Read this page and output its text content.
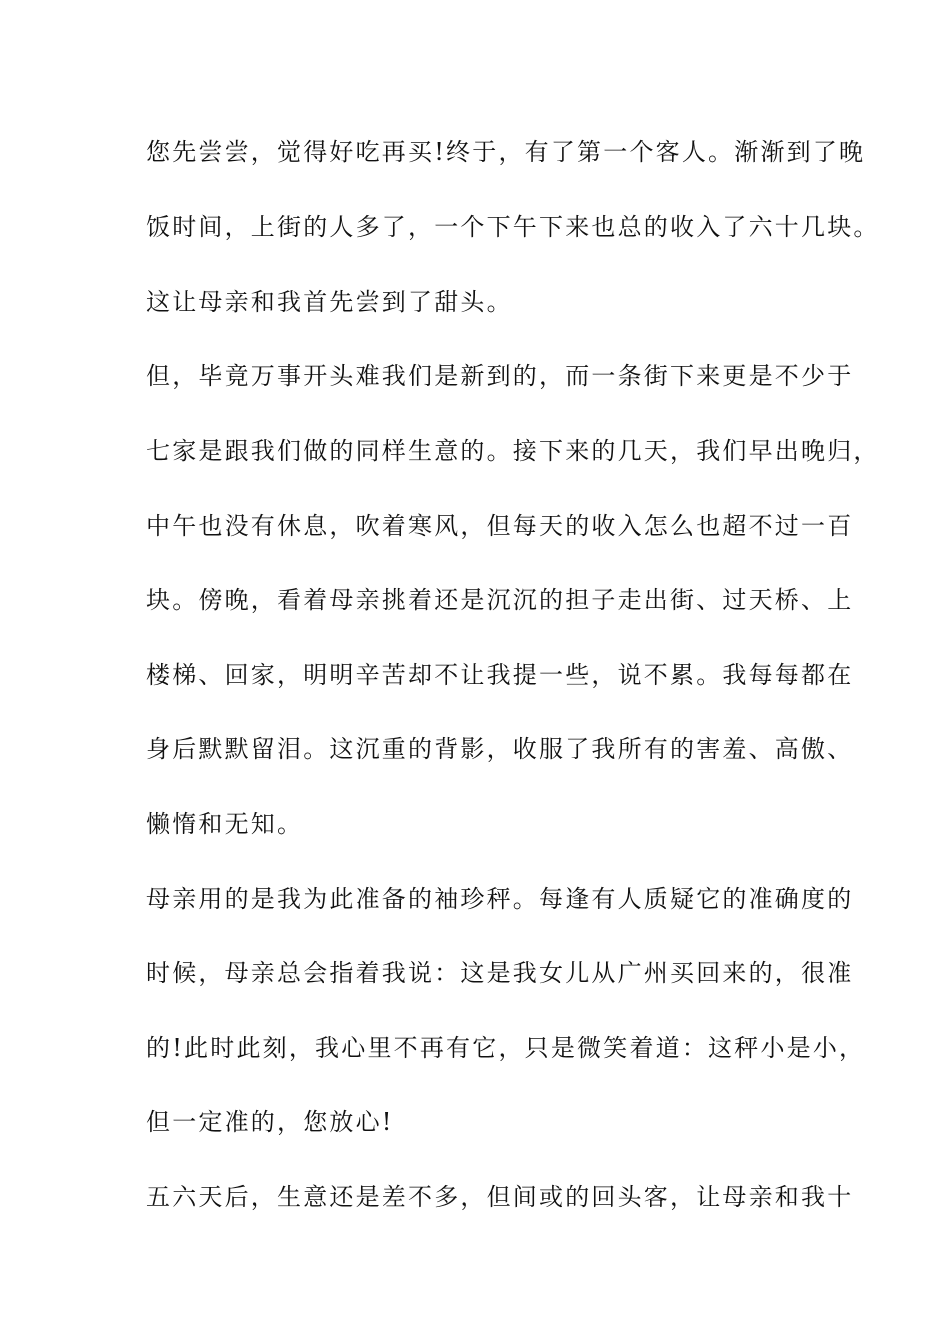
您先尝尝，觉得好吃再买!终于，有了第一个客人。渐渐到了晚

饭时间，上街的人多了，一个下午下来也总的收入了六十几块。

这让母亲和我首先尝到了甜头。

但，毕竟万事开头难我们是新到的，而一条街下来更是不少于

七家是跟我们做的同样生意的。接下来的几天，我们早出晚归，

中午也没有休息，吹着寒风，但每天的收入怎么也超不过一百

块。傍晚，看着母亲挑着还是沉沉的担子走出街、过天桥、上

楼梯、回家，明明辛苦却不让我提一些，说不累。我每每都在

身后默默留泪。这沉重的背影，收服了我所有的害羞、高傲、

懒惰和无知。

母亲用的是我为此准备的袖珍秤。每逢有人质疑它的准确度的

时候，母亲总会指着我说：这是我女儿从广州买回来的，很准

的!此时此刻，我心里不再有它，只是微笑着道：这秤小是小，

但一定准的，您放心!

五六天后，生意还是差不多，但间或的回头客，让母亲和我十
